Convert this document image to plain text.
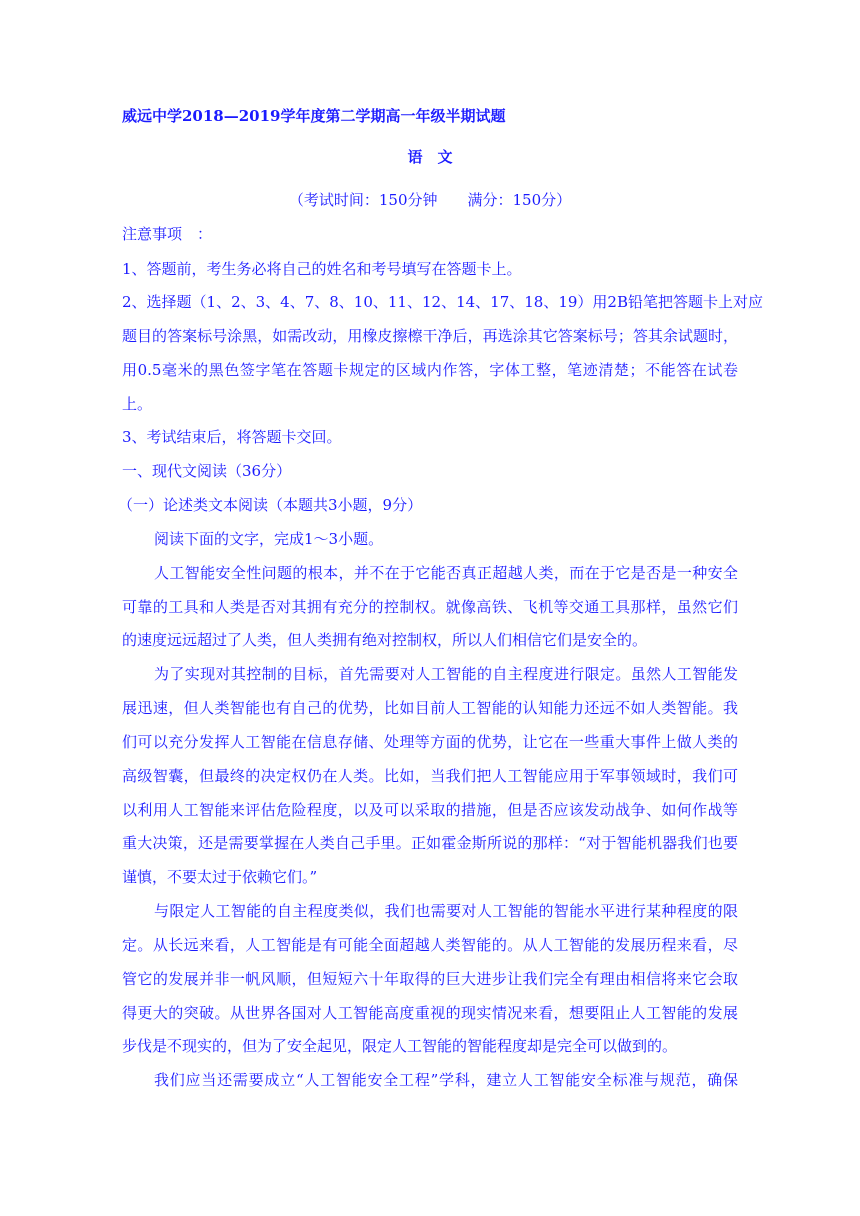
威远中学2018—2019学年度第二学期高一年级半期试题
语　文
（考试时间：150分钟　　满分：150分）
注意事项　：
1、答题前，考生务必将自己的姓名和考号填写在答题卡上。
2、选择题（1、2、3、4、7、8、10、11、12、14、17、18、19）用2B铅笔把答题卡上对应
题目的答案标号涂黑，如需改动，用橡皮擦檫干净后，再选涂其它答案标号；答其余试题时，
用0.5毫米的黑色签字笔在答题卡规定的区域内作答，字体工整，笔迹清楚；不能答在试卷
上。
3、考试结束后，将答题卡交回。
一、现代文阅读（36分）
（一）论述类文本阅读（本题共3小题，9分）
阅读下面的文字，完成1～3小题。
人工智能安全性问题的根本，并不在于它能否真正超越人类，而在于它是否是一种安全
可靠的工具和人类是否对其拥有充分的控制权。就像高铁、飞机等交通工具那样，虽然它们
的速度远远超过了人类，但人类拥有绝对控制权，所以人们相信它们是安全的。
为了实现对其控制的目标，首先需要对人工智能的自主程度进行限定。虽然人工智能发
展迅速，但人类智能也有自己的优势，比如目前人工智能的认知能力还远不如人类智能。我
们可以充分发挥人工智能在信息存储、处理等方面的优势，让它在一些重大事件上做人类的
高级智囊，但最终的决定权仍在人类。比如，当我们把人工智能应用于军事领域时，我们可
以利用人工智能来评估危险程度，以及可以采取的措施，但是否应该发动战争、如何作战等
重大决策，还是需要掌握在人类自己手里。正如霍金斯所说的那样：“对于智能机器我们也要
谨慎，不要太过于依赖它们。”
与限定人工智能的自主程度类似，我们也需要对人工智能的智能水平进行某种程度的限
定。从长远来看，人工智能是有可能全面超越人类智能的。从人工智能的发展历程来看，尽
管它的发展并非一帆风顺，但短短六十年取得的巨大进步让我们完全有理由相信将来它会取
得更大的突破。从世界各国对人工智能高度重视的现实情况来看，想要阻止人工智能的发展
步伐是不现实的，但为了安全起见，限定人工智能的智能程度却是完全可以做到的。
我们应当还需要成立“人工智能安全工程”学科，建立人工智能安全标准与规范，确保
